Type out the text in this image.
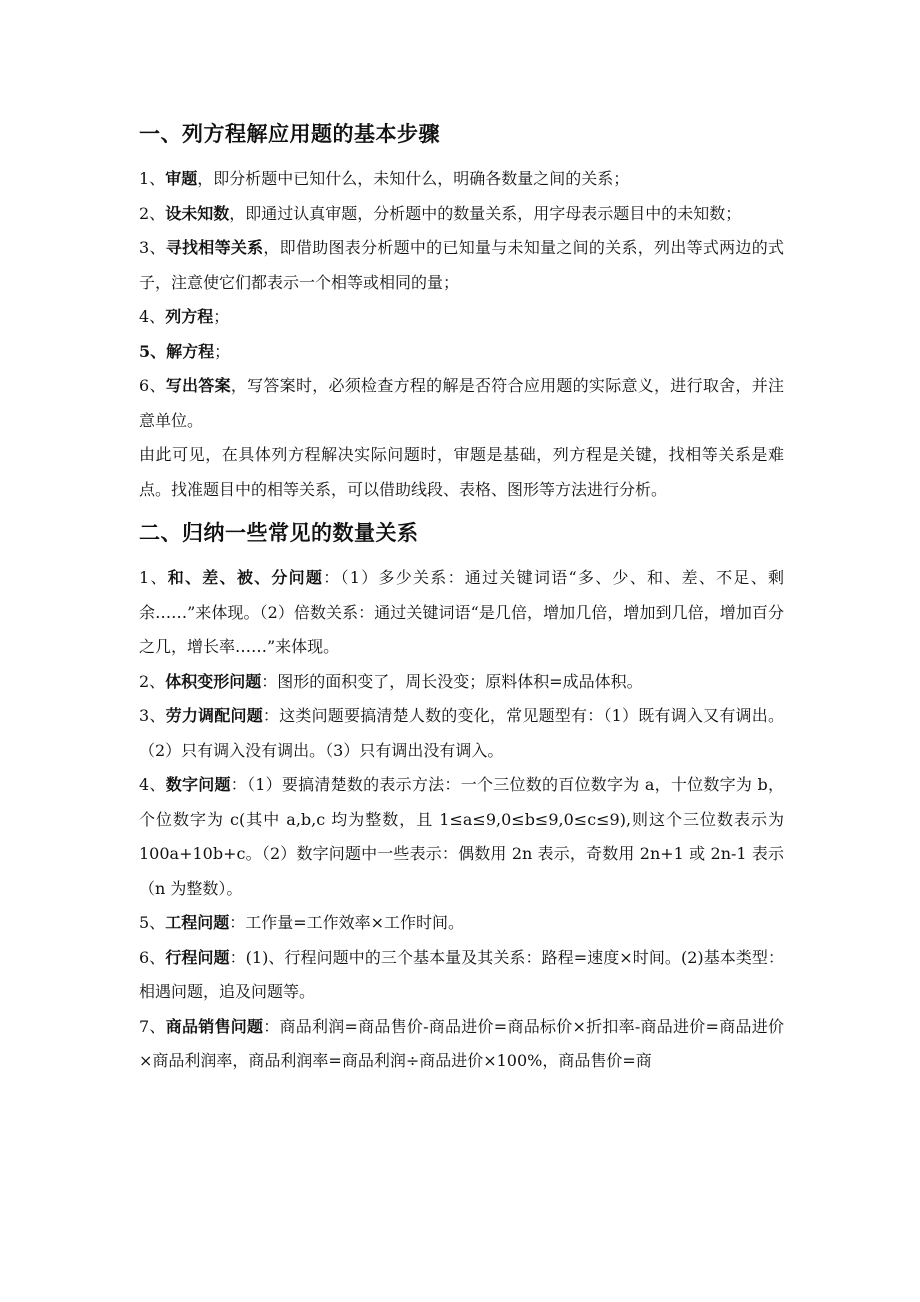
一、列方程解应用题的基本步骤

1、审题，即分析题中已知什么，未知什么，明确各数量之间的关系；

2、设未知数，即通过认真审题，分析题中的数量关系，用字母表示题目中的未知数；

3、寻找相等关系，即借助图表分析题中的已知量与未知量之间的关系，列出等式两边的式子，注意使它们都表示一个相等或相同的量；

4、列方程；

5、解方程；

6、写出答案，写答案时，必须检查方程的解是否符合应用题的实际意义，进行取舍，并注意单位。

由此可见，在具体列方程解决实际问题时，审题是基础，列方程是关键，找相等关系是难点。找准题目中的相等关系，可以借助线段、表格、图形等方法进行分析。

二、归纳一些常见的数量关系

1、和、差、被、分问题：（1）多少关系：通过关键词语“多、少、和、差、不足、剩余……”来体现。（2）倍数关系：通过关键词语“是几倍，增加几倍，增加到几倍，增加百分之几，增长率……”来体现。

2、体积变形问题：图形的面积变了，周长没变；原料体积=成品体积。

3、劳力调配问题：这类问题要搞清楚人数的变化，常见题型有：（1）既有调入又有调出。（2）只有调入没有调出。（3）只有调出没有调入。

4、数字问题：（1）要搞清楚数的表示方法：一个三位数的百位数字为 a，十位数字为 b，个位数字为 c(其中 a,b,c 均为整数，且 1≤a≤9,0≤b≤9,0≤c≤9),则这个三位数表示为 100a+10b+c。（2）数字问题中一些表示：偶数用 2n 表示，奇数用 2n+1 或 2n-1 表示（n 为整数）。

5、工程问题：工作量=工作效率×工作时间。

6、行程问题：(1)、行程问题中的三个基本量及其关系：路程=速度×时间。(2)基本类型：相遇问题，追及问题等。

7、商品销售问题：商品利润=商品售价-商品进价=商品标价×折扣率-商品进价=商品进价×商品利润率，商品利润率=商品利润÷商品进价×100%，商品售价=商
